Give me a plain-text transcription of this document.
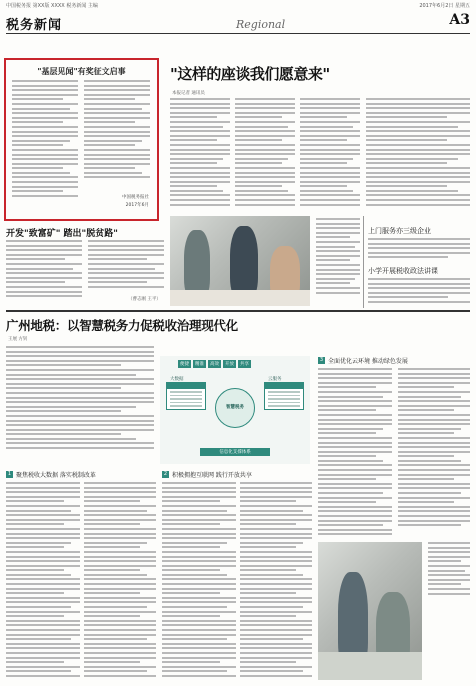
中国税务报 第XX版 XXXX 税务新闻 主编	2017年6月2日 星期五
税务新闻	Regional	A3
"基层见闻"有奖征文启事
中国税务报社
2017年6月
"这样的座谈我们愿意来"
本报记者 通讯员
开发"致富矿" 踏出"脱贫路"
（曹志刚 王平）
上门服务亦三级企业
小学开展税收政法讲课
广州地税：以智慧税务力促税收治理现代化
王展 方钊
便捷	精准	高效	开放	共享
大数据	云服务
智慧税务
信息化支撑体系
3 全面优化云环境 推动绿色发展
1 聚焦税收大数据 落实税制改革	2 积极拥抱互联网 践行开放共享
